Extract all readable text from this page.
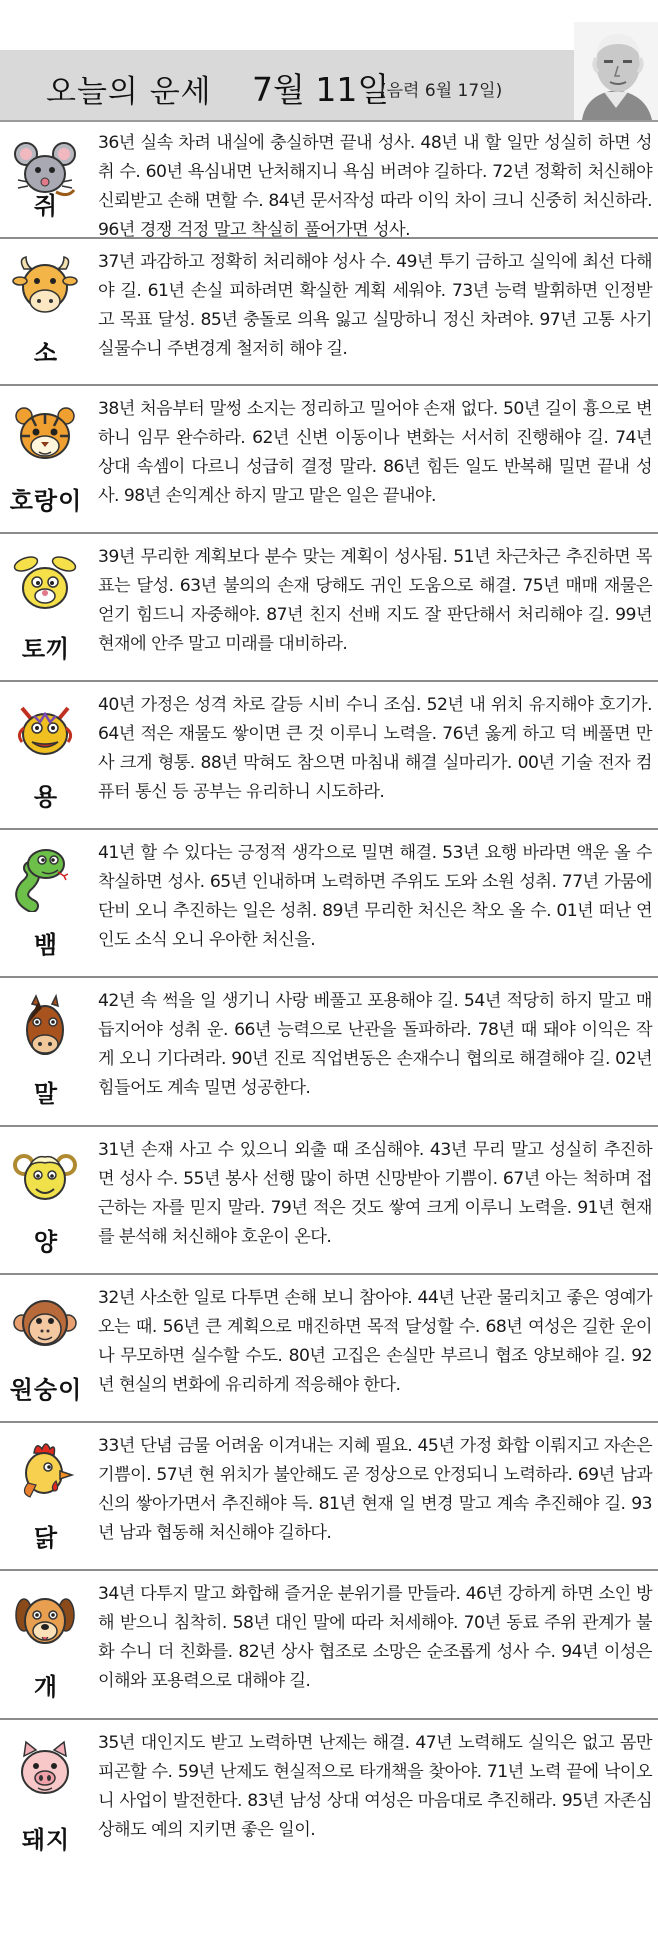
오늘의 운세 7월 11일
(음력 6월 17일)
쥐
36년 실속 차려 내실에 충실하면 끝내 성사. 48년 내 할 일만 성실히 하면 성취 수. 60년 욕심내면 난처해지니 욕심 버려야 길하다. 72년 정확히 처신해야 신뢰받고 손해 면할 수. 84년 문서작성 따라 이익 차이 크니 신중히 처신하라. 96년 경쟁 걱정 말고 착실히 풀어가면 성사.
소
37년 과감하고 정확히 처리해야 성사 수. 49년 투기 금하고 실익에 최선 다해야 길. 61년 손실 피하려면 확실한 계획 세워야. 73년 능력 발휘하면 인정받고 목표 달성. 85년 충돌로 의욕 잃고 실망하니 정신 차려야. 97년 고통 사기 실물수니 주변경계 철저히 해야 길.
호랑이
38년 처음부터 말썽 소지는 정리하고 밀어야 손재 없다. 50년 길이 흉으로 변하니 임무 완수하라. 62년 신변 이동이나 변화는 서서히 진행해야 길. 74년 상대 속셈이 다르니 성급히 결정 말라. 86년 힘든 일도 반복해 밀면 끝내 성사. 98년 손익계산 하지 말고 맡은 일은 끝내야.
토끼
39년 무리한 계획보다 분수 맞는 계획이 성사됨. 51년 차근차근 추진하면 목표는 달성. 63년 불의의 손재 당해도 귀인 도움으로 해결. 75년 매매 재물은 얻기 힘드니 자중해야. 87년 친지 선배 지도 잘 판단해서 처리해야 길. 99년 현재에 안주 말고 미래를 대비하라.
용
40년 가정은 성격 차로 갈등 시비 수니 조심. 52년 내 위치 유지해야 호기가. 64년 적은 재물도 쌓이면 큰 것 이루니 노력을. 76년 옳게 하고 덕 베풀면 만사 크게 형통. 88년 막혀도 참으면 마침내 해결 실마리가. 00년 기술 전자 컴퓨터 통신 등 공부는 유리하니 시도하라.
뱀
41년 할 수 있다는 긍정적 생각으로 밀면 해결. 53년 요행 바라면 액운 올 수 착실하면 성사. 65년 인내하며 노력하면 주위도 도와 소원 성취. 77년 가뭄에 단비 오니 추진하는 일은 성취. 89년 무리한 처신은 착오 올 수. 01년 떠난 연인도 소식 오니 우아한 처신을.
말
42년 속 썩을 일 생기니 사랑 베풀고 포용해야 길. 54년 적당히 하지 말고 매듭지어야 성취 운. 66년 능력으로 난관을 돌파하라. 78년 때 돼야 이익은 작게 오니 기다려라. 90년 진로 직업변동은 손재수니 협의로 해결해야 길. 02년 힘들어도 계속 밀면 성공한다.
양
31년 손재 사고 수 있으니 외출 때 조심해야. 43년 무리 말고 성실히 추진하면 성사 수. 55년 봉사 선행 많이 하면 신망받아 기쁨이. 67년 아는 척하며 접근하는 자를 믿지 말라. 79년 적은 것도 쌓여 크게 이루니 노력을. 91년 현재를 분석해 처신해야 호운이 온다.
원숭이
32년 사소한 일로 다투면 손해 보니 참아야. 44년 난관 물리치고 좋은 영예가 오는 때. 56년 큰 계획으로 매진하면 목적 달성할 수. 68년 여성은 길한 운이나 무모하면 실수할 수도. 80년 고집은 손실만 부르니 협조 양보해야 길. 92년 현실의 변화에 유리하게 적응해야 한다.
닭
33년 단념 금물 어려움 이겨내는 지혜 필요. 45년 가정 화합 이뤄지고 자손은 기쁨이. 57년 현 위치가 불안해도 곧 정상으로 안정되니 노력하라. 69년 남과 신의 쌓아가면서 추진해야 득. 81년 현재 일 변경 말고 계속 추진해야 길. 93년 남과 협동해 처신해야 길하다.
개
34년 다투지 말고 화합해 즐거운 분위기를 만들라. 46년 강하게 하면 소인 방해 받으니 침착히. 58년 대인 말에 따라 처세해야. 70년 동료 주위 관계가 불화 수니 더 친화를. 82년 상사 협조로 소망은 순조롭게 성사 수. 94년 이성은 이해와 포용력으로 대해야 길.
돼지
35년 대인지도 받고 노력하면 난제는 해결. 47년 노력해도 실익은 없고 몸만 피곤할 수. 59년 난제도 현실적으로 타개책을 찾아야. 71년 노력 끝에 낙이오니 사업이 발전한다. 83년 남성 상대 여성은 마음대로 추진해라. 95년 자존심 상해도 예의 지키면 좋은 일이.
